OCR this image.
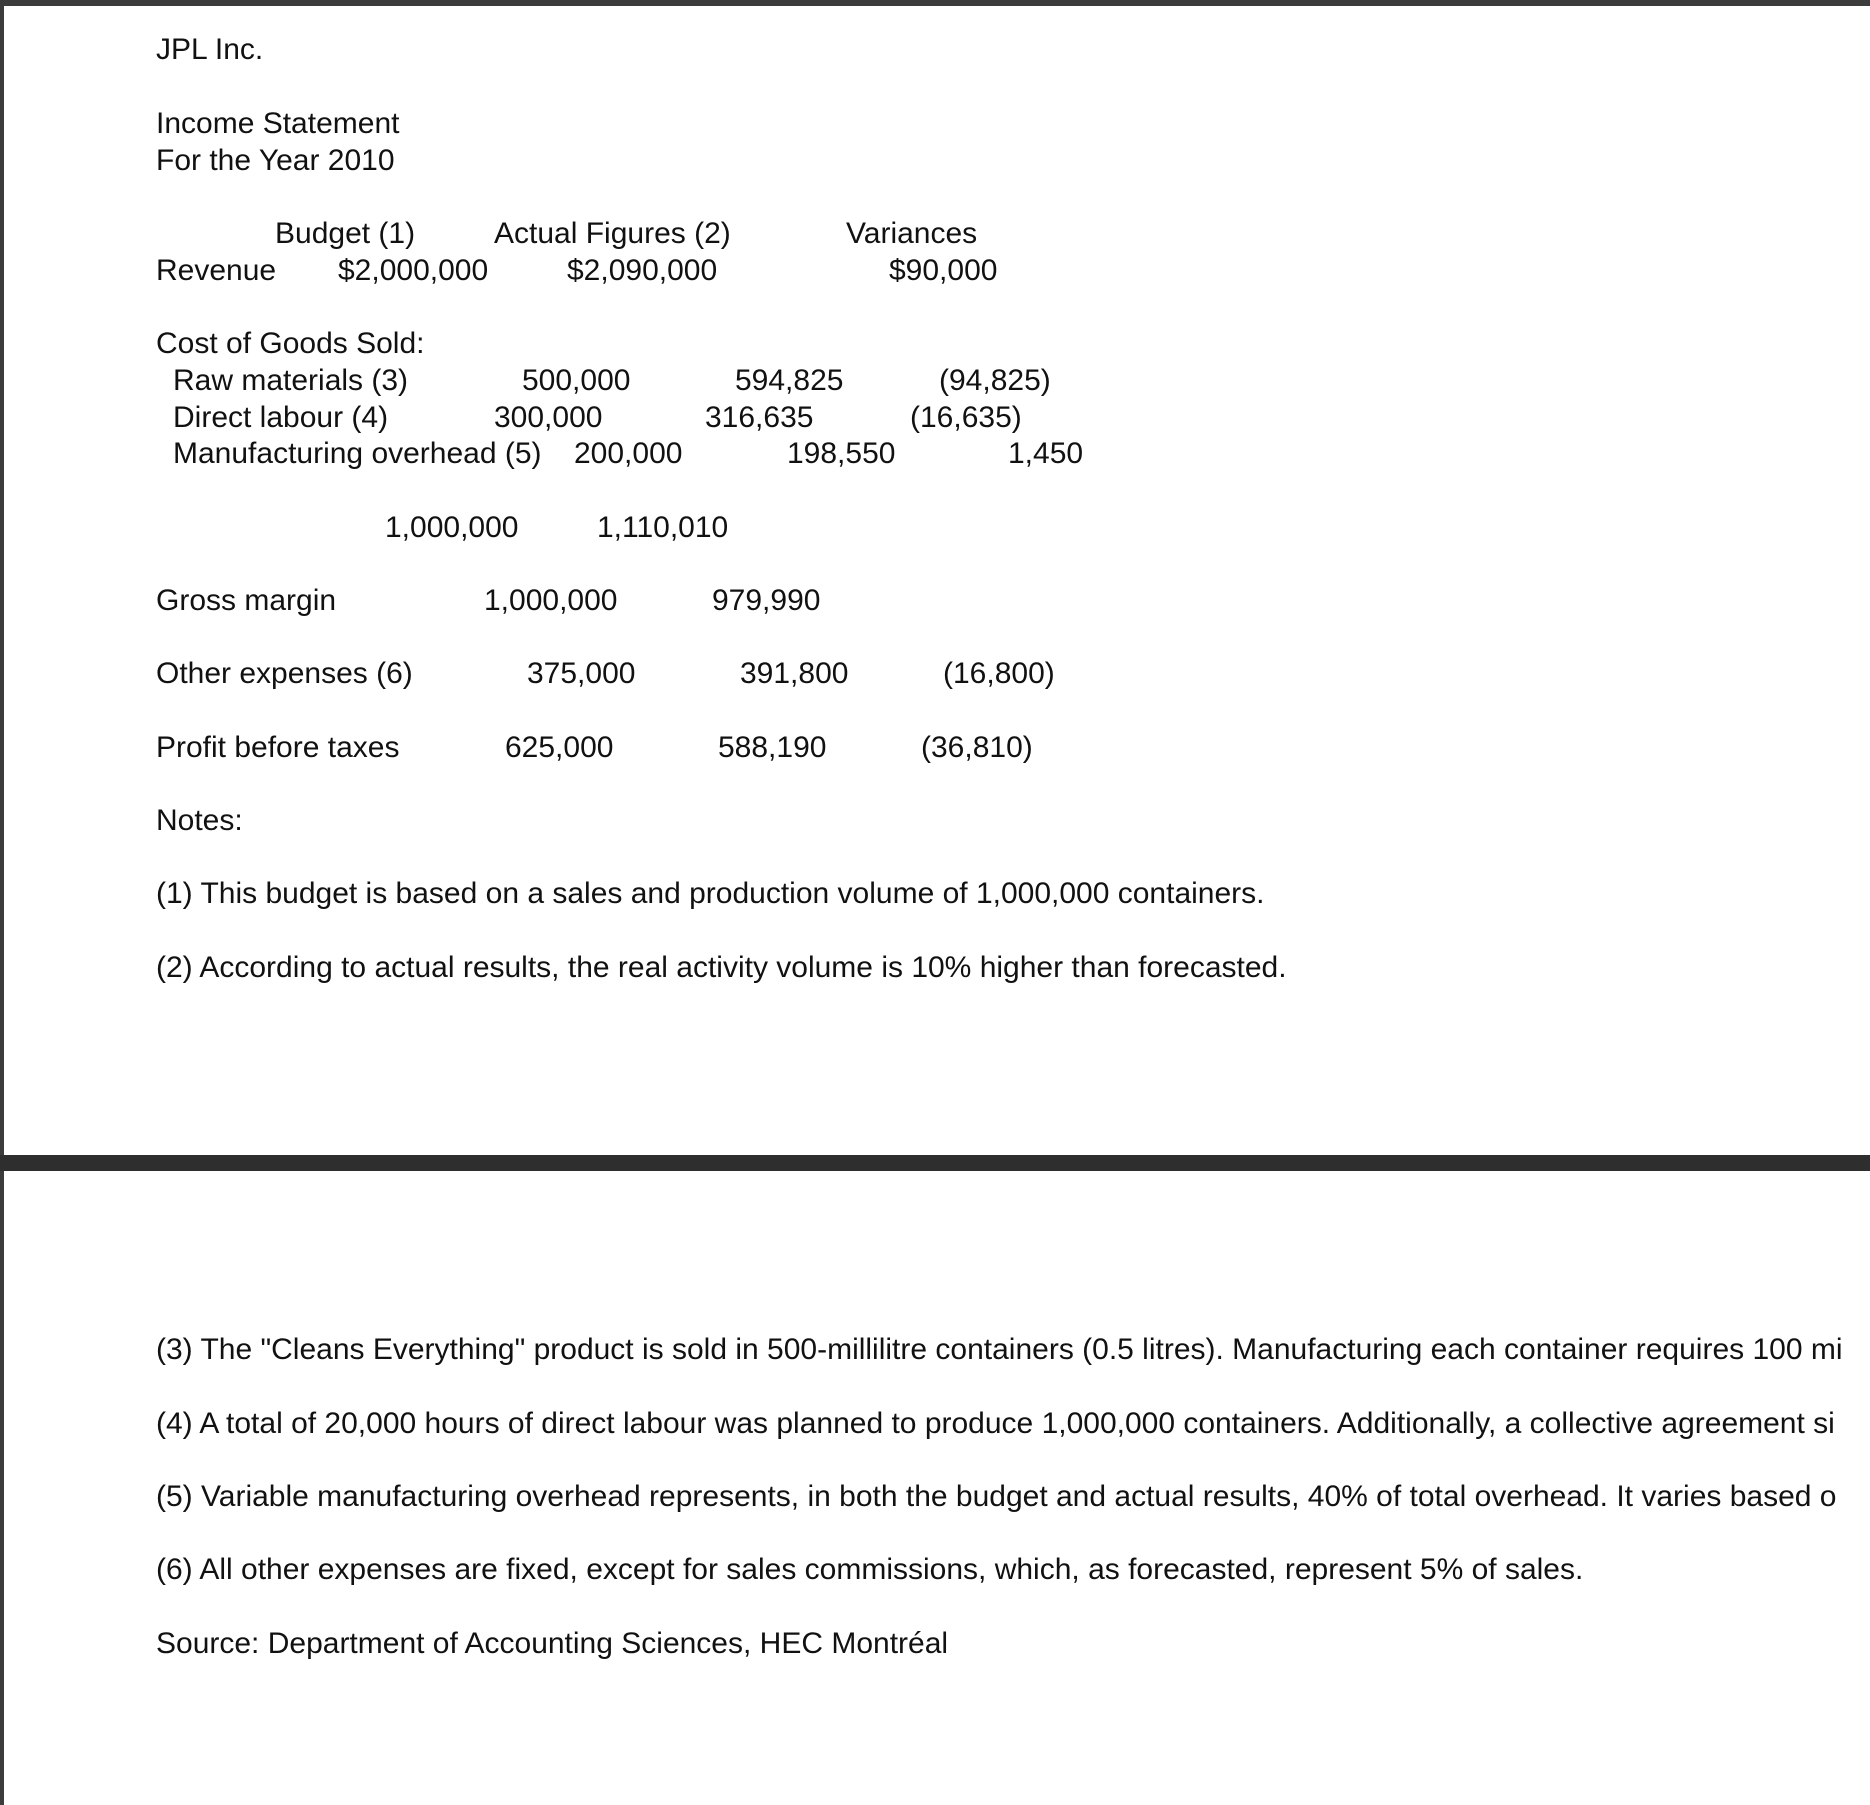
JPL Inc.
Income Statement
For the Year 2010
Budget (1)	Actual Figures (2)	Variances
Revenue $2,000,000	$2,090,000	$90,000
Cost of Goods Sold:
Raw materials (3)	500,000	594,825	(94,825)
Direct labour (4)	300,000	316,635	(16,635)
Manufacturing overhead (5) 200,000	198,550	1,450
1,000,000	1,110,010
Gross margin	1,000,000	979,990
Other expenses (6)	375,000	391,800	(16,800)
Profit before taxes	625,000	588,190	(36,810)
Notes:
(1) This budget is based on a sales and production volume of 1,000,000 containers.
(2) According to actual results, the real activity volume is 10% higher than forecasted.
(3) The "Cleans Everything" product is sold in 500-millilitre containers (0.5 litres). Manufacturing each container requires 100 mi
(4) A total of 20,000 hours of direct labour was planned to produce 1,000,000 containers. Additionally, a collective agreement si
(5) Variable manufacturing overhead represents, in both the budget and actual results, 40% of total overhead. It varies based o
(6) All other expenses are fixed, except for sales commissions, which, as forecasted, represent 5% of sales.
Source: Department of Accounting Sciences, HEC Montréal
